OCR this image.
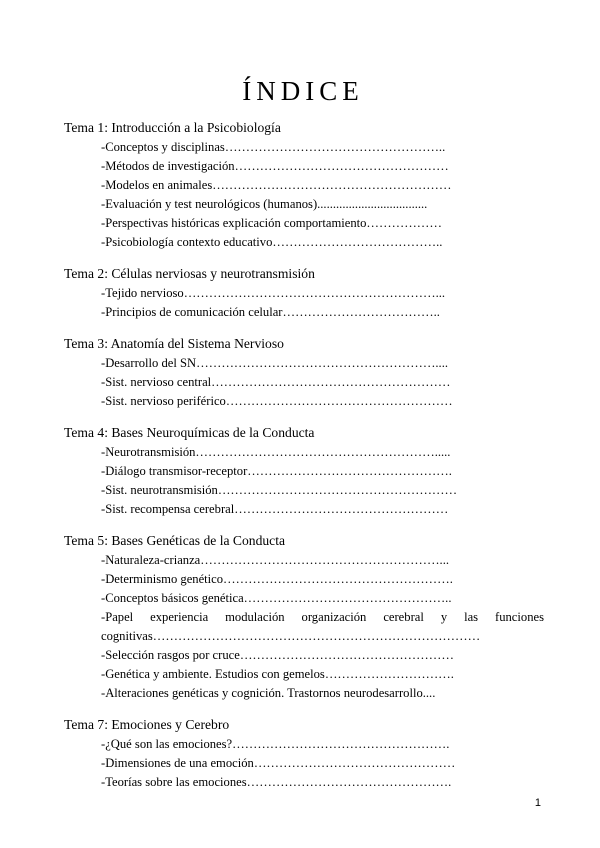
ÍNDICE
Tema 1: Introducción a la Psicobiología
-Conceptos y disciplinas……………………………………………..
-Métodos de investigación……………………………………………
-Modelos en animales…………………………………………………
-Evaluación y test neurológicos (humanos)...................................
-Perspectivas históricas explicación comportamiento………………
-Psicobiología contexto educativo…………………………………..
Tema 2: Células nerviosas y neurotransmisión
-Tejido nervioso……………………………………………………...
-Principios de comunicación celular………………………………..
Tema 3: Anatomía del Sistema Nervioso
-Desarrollo del SN…………………………………………………....
-Sist. nervioso central…………………………………………………
-Sist. nervioso periférico………………………………………………
Tema 4: Bases Neuroquímicas de la Conducta
-Neurotransmisión………………………………………………….....
-Diálogo transmisor-receptor………………………………………….
-Sist. neurotransmisión…………………………………………………
-Sist. recompensa cerebral……………………………………………
Tema 5: Bases Genéticas de la Conducta
-Naturaleza-crianza…………………………………………………...
-Determinismo genético……………………………………………….
-Conceptos básicos genética…………………………………………..
-Papel experiencia modulación organización cerebral y las funciones
cognitivas……………………………………………………………………
-Selección rasgos por cruce……………………………………………
-Genética y ambiente. Estudios con gemelos………………………….
-Alteraciones genéticas y cognición. Trastornos neurodesarrollo....
Tema 7: Emociones y Cerebro
-¿Qué son las emociones?…………………………………………….
-Dimensiones de una emoción…………………………………………
-Teorías sobre las emociones………………………………………….
1
